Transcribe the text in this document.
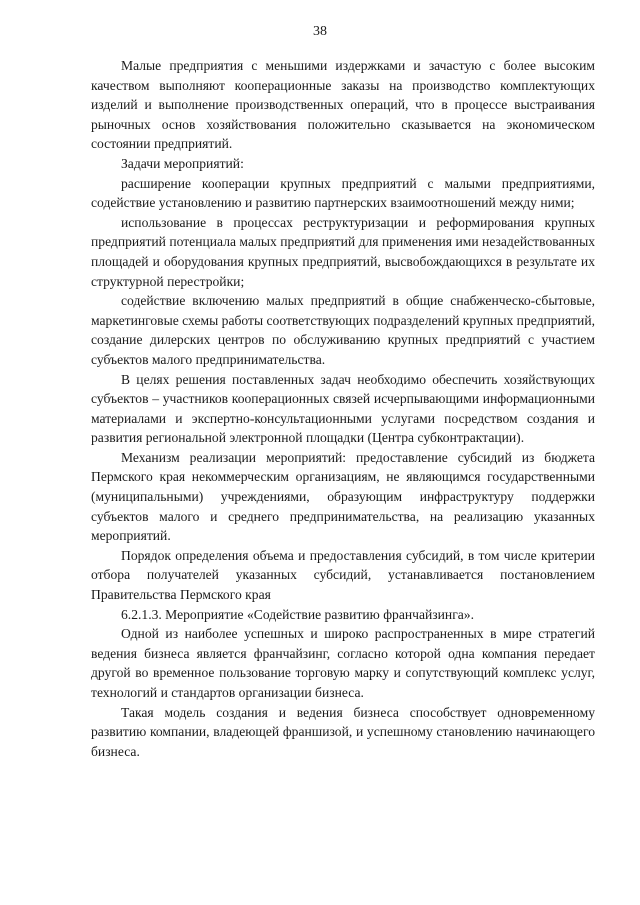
38

Малые предприятия с меньшими издержками и зачастую с более высоким качеством выполняют кооперационные заказы на производство комплектующих изделий и выполнение производственных операций, что в процессе выстраивания рыночных основ хозяйствования положительно сказывается на экономическом состоянии предприятий.

Задачи мероприятий:

расширение кооперации крупных предприятий с малыми предприятиями, содействие установлению и развитию партнерских взаимоотношений между ними;

использование в процессах реструктуризации и реформирования крупных предприятий потенциала малых предприятий для применения ими незадействованных площадей и оборудования крупных предприятий, высвобождающихся в результате их структурной перестройки;

содействие включению малых предприятий в общие снабженческо-сбытовые, маркетинговые схемы работы соответствующих подразделений крупных предприятий, создание дилерских центров по обслуживанию крупных предприятий с участием субъектов малого предпринимательства.

В целях решения поставленных задач необходимо обеспечить хозяйствующих субъектов – участников кооперационных связей исчерпывающими информационными материалами и экспертно-консультационными услугами посредством создания и развития региональной электронной площадки (Центра субконтрактации).

Механизм реализации мероприятий: предоставление субсидий из бюджета Пермского края некоммерческим организациям, не являющимся государственными (муниципальными) учреждениями, образующим инфраструктуру поддержки субъектов малого и среднего предпринимательства, на реализацию указанных мероприятий.

Порядок определения объема и предоставления субсидий, в том числе критерии отбора получателей указанных субсидий, устанавливается постановлением Правительства Пермского края

6.2.1.3. Мероприятие «Содействие развитию франчайзинга».

Одной из наиболее успешных и широко распространенных в мире стратегий ведения бизнеса является франчайзинг, согласно которой одна компания передает другой во временное пользование торговую марку и сопутствующий комплекс услуг, технологий и стандартов организации бизнеса.

Такая модель создания и ведения бизнеса способствует одновременному развитию компании, владеющей франшизой, и успешному становлению начинающего бизнеса.
